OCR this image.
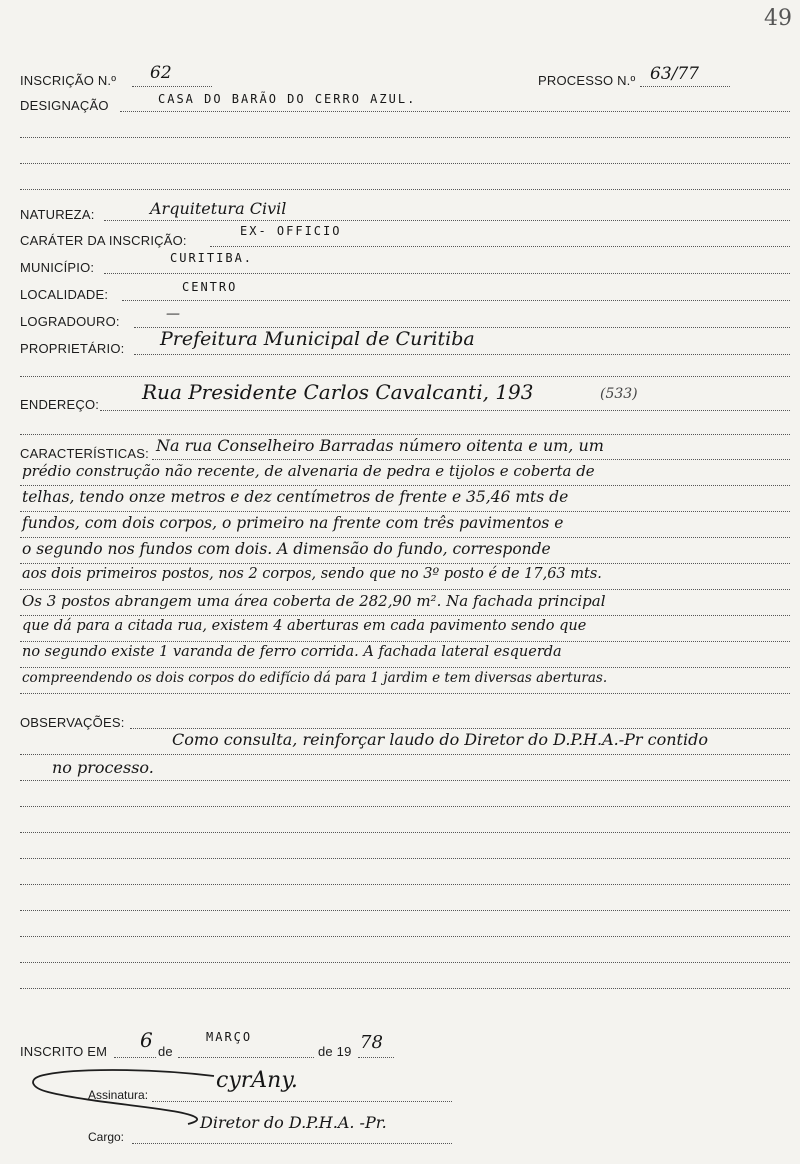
49
INSCRIÇÃO N.º 62	PROCESSO N.º 63/77
DESIGNAÇÃO	CASA DO BARÃO DO CERRO AZUL.
NATUREZA:	Arquitetura Civil
CARÁTER DA INSCRIÇÃO:
EX- OFFICIO
MUNICÍPIO:
CURITIBA.
LOCALIDADE:	CENTRO
LOGRADOURO:	—
PROPRIETÁRIO: Prefeitura Municipal de Curitiba
ENDEREÇO:
Rua Presidente Carlos Cavalcanti, 193	(533)
CARACTERÍSTICAS: Na rua Conselheiro Barradas número oitenta e um, um
prédio construção não recente, de alvenaria de pedra e tijolos e coberta de
telhas, tendo onze metros e dez centímetros de frente e 35,46 mts de
fundos, com dois corpos, o primeiro na frente com três pavimentos e
o segundo nos fundos com dois. A dimensão do fundo, corresponde
aos dois primeiros postos, nos 2 corpos, sendo que no 3º posto é de 17,63 mts.
Os 3 postos abrangem uma área coberta de 282,90 m². Na fachada principal
que dá para a citada rua, existem 4 aberturas em cada pavimento sendo que
no segundo existe 1 varanda de ferro corrida. A fachada lateral esquerda
compreendendo os dois corpos do edifício dá para 1 jardim e tem diversas aberturas.
OBSERVAÇÕES:
Como consulta, reinforçar laudo do Diretor do D.P.H.A.-Pr contido
no processo.
INSCRITO EM 6 de
MARÇO
de 19 78
Assinatura:
cyrAny.
Cargo:
Diretor do D.P.H.A. -Pr.
